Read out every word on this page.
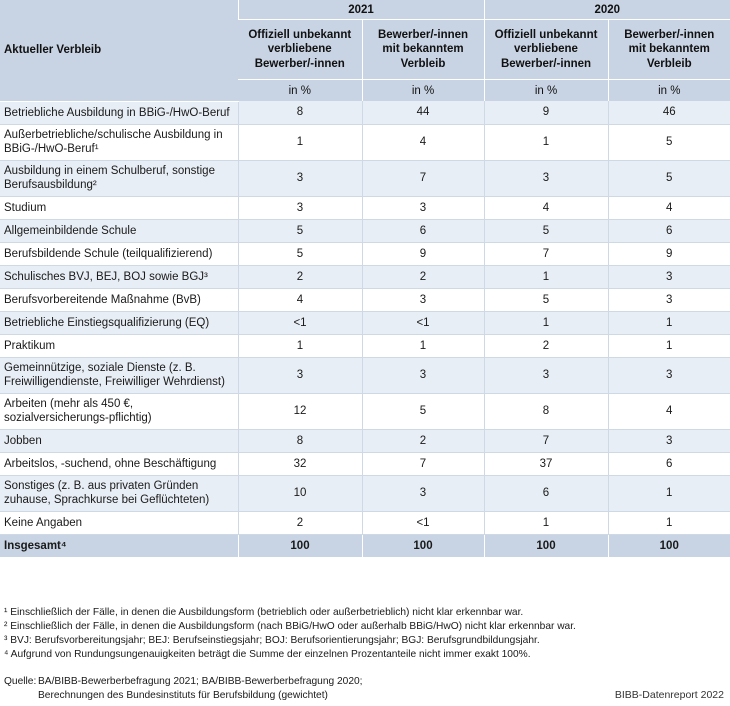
Aktueller Verbleib	2021		2020	
	Offiziell unbekannt verbliebene Bewerber/-innen	Bewerber/-innen mit bekanntem Verbleib	Offiziell unbekannt verbliebene Bewerber/-innen	Bewerber/-innen mit bekanntem Verbleib
	in %	in %	in %	in %
Betriebliche Ausbildung in BBiG-/HwO-Beruf	8	44	9	46
Außerbetriebliche/schulische Ausbildung in BBiG-/HwO-Beruf¹	1	4	1	5
Ausbildung in einem Schulberuf, sonstige Berufsausbildung²	3	7	3	5
Studium	3	3	4	4
Allgemeinbildende Schule	5	6	5	6
Berufsbildende Schule (teilqualifizierend)	5	9	7	9
Schulisches BVJ, BEJ, BOJ sowie BGJ³	2	2	1	3
Berufsvorbereitende Maßnahme (BvB)	4	3	5	3
Betriebliche Einstiegsqualifizierung (EQ)	<1	<1	1	1
Praktikum	1	1	2	1
Gemeinnützige, soziale Dienste (z. B. Freiwilligendienste, Freiwilliger Wehrdienst)	3	3	3	3
Arbeiten (mehr als 450 €, sozialversicherungs-pflichtig)	12	5	8	4
Jobben	8	2	7	3
Arbeitslos, -suchend, ohne Beschäftigung	32	7	37	6
Sonstiges (z. B. aus privaten Gründen zuhause, Sprachkurse bei Geflüchteten)	10	3	6	1
Keine Angaben	2	<1	1	1
Insgesamt⁴	100	100	100	100
¹ Einschließlich der Fälle, in denen die Ausbildungsform (betrieblich oder außerbetrieblich) nicht klar erkennbar war.
² Einschließlich der Fälle, in denen die Ausbildungsform (nach BBiG/HwO oder außerhalb BBiG/HwO) nicht klar erkennbar war.
³ BVJ: Berufsvorbereitungsjahr; BEJ: Berufseinstiegsjahr; BOJ: Berufsorientierungsjahr; BGJ: Berufsgrundbildungsjahr.
⁴ Aufgrund von Rundungsungenauigkeiten beträgt die Summe der einzelnen Prozentanteile nicht immer exakt 100%.
Quelle: BA/BIBB-Bewerberbefragung 2021; BA/BIBB-Bewerberbefragung 2020;
Berechnungen des Bundesinstituts für Berufsbildung (gewichtet)	BIBB-Datenreport 2022
